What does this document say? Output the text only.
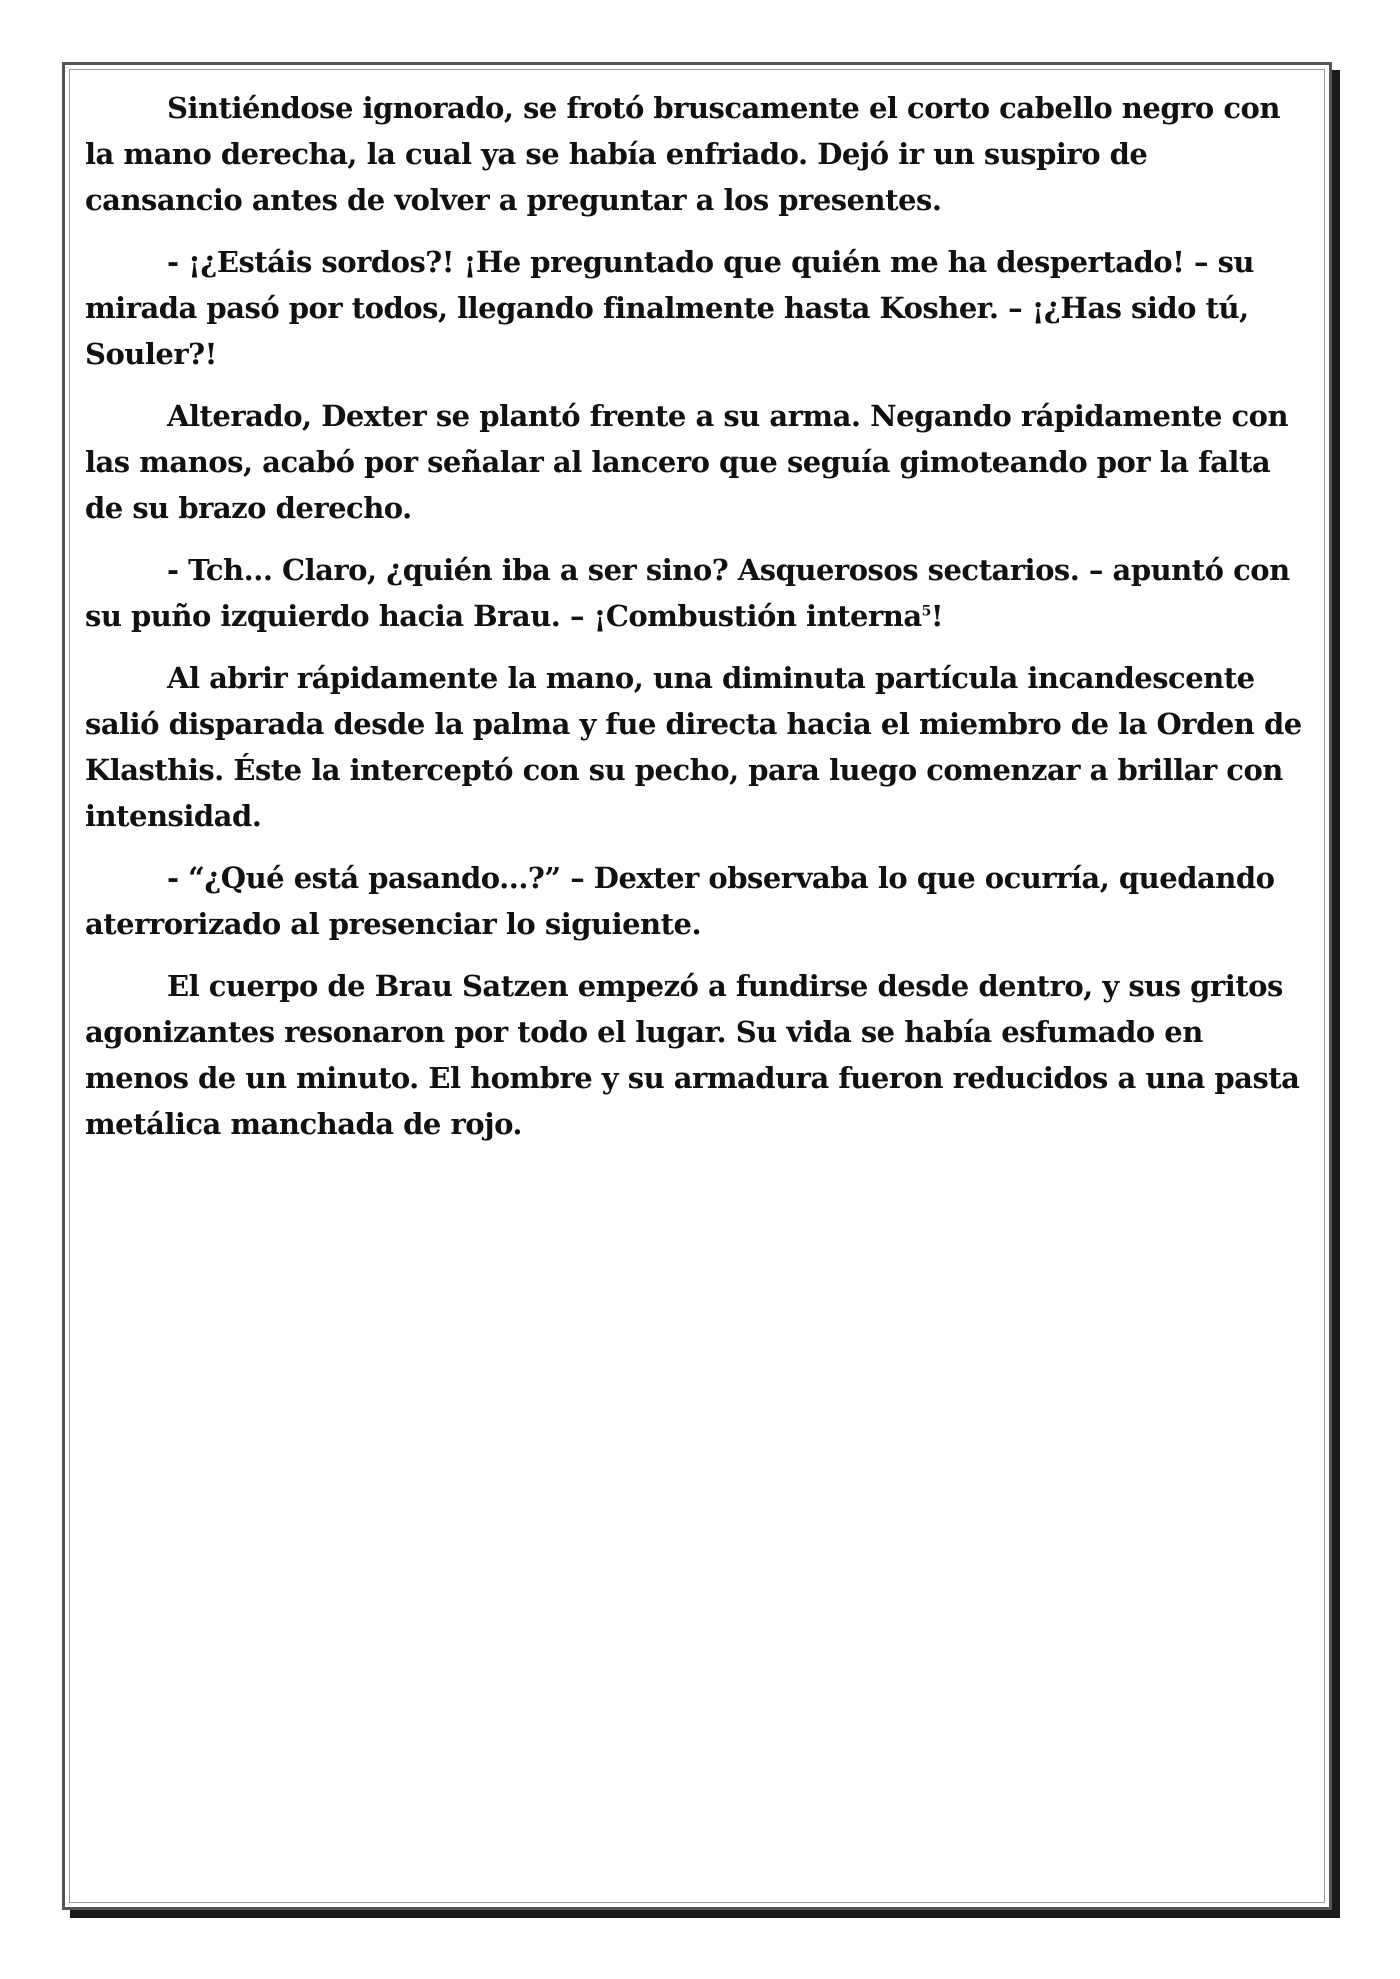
Sintiéndose ignorado, se frotó bruscamente el corto cabello negro con la mano derecha, la cual ya se había enfriado. Dejó ir un suspiro de cansancio antes de volver a preguntar a los presentes.

- ¡¿Estáis sordos?! ¡He preguntado que quién me ha despertado! – su mirada pasó por todos, llegando finalmente hasta Kosher. – ¡¿Has sido tú, Souler?!

Alterado, Dexter se plantó frente a su arma. Negando rápidamente con las manos, acabó por señalar al lancero que seguía gimoteando por la falta de su brazo derecho.

- Tch... Claro, ¿quién iba a ser sino? Asquerosos sectarios. – apuntó con su puño izquierdo hacia Brau. – ¡Combustión interna$^5$!

Al abrir rápidamente la mano, una diminuta partícula incandescente salió disparada desde la palma y fue directa hacia el miembro de la Orden de Klasthis. Éste la interceptó con su pecho, para luego comenzar a brillar con intensidad.

- “¿Qué está pasando...?” – Dexter observaba lo que ocurría, quedando aterrorizado al presenciar lo siguiente.

El cuerpo de Brau Satzen empezó a fundirse desde dentro, y sus gritos agonizantes resonaron por todo el lugar. Su vida se había esfumado en menos de un minuto. El hombre y su armadura fueron reducidos a una pasta metálica manchada de rojo.
